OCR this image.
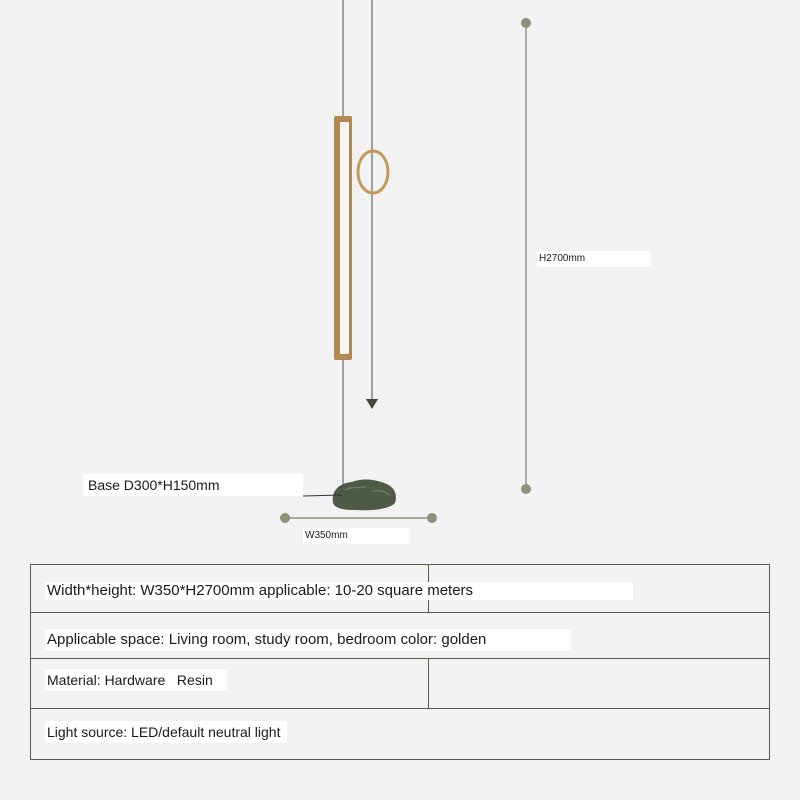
Base D300*H150mm
H2700mm
W350mm
Width*height: W350*H2700mm applicable: 10-20 square meters
Applicable space: Living room, study room, bedroom color: golden
Material: Hardware   Resin
Light source: LED/default neutral light
